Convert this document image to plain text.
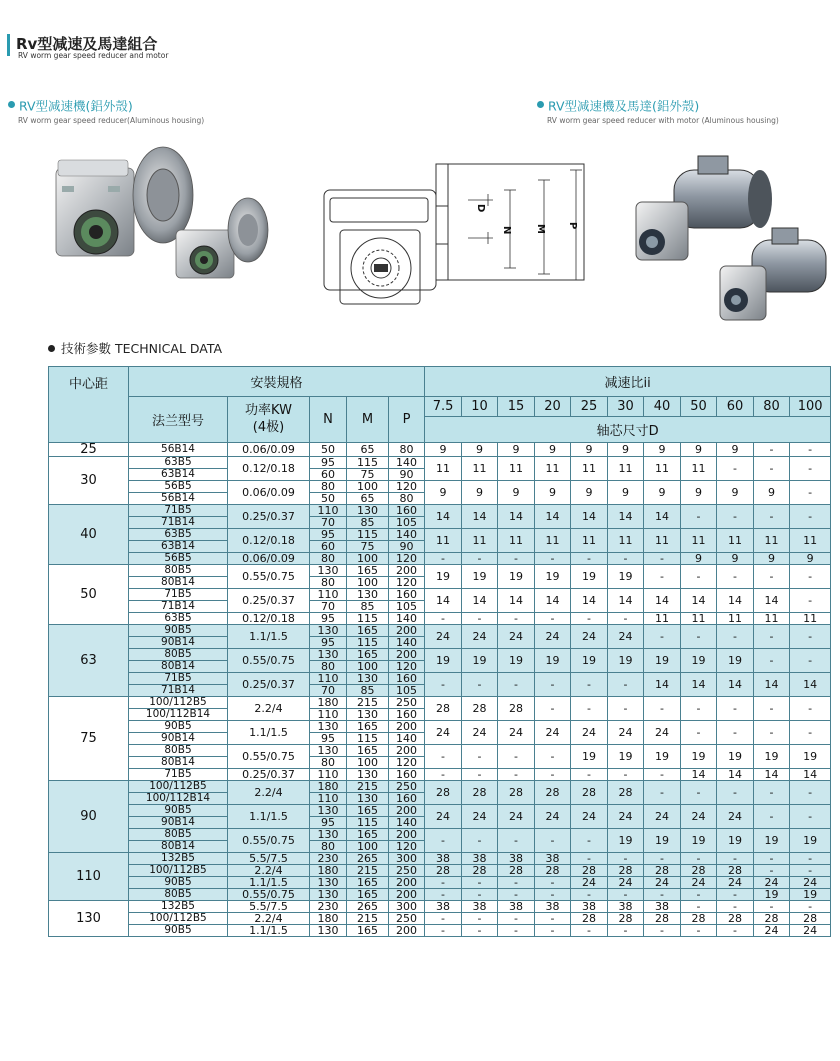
Rv型减速及馬達組合
RV worm gear speed reducer and motor
RV型减速機(鋁外殼)
RV worm gear speed reducer(Aluminous housing)
RV型减速機及馬達(鋁外殼)
RV worm gear speed reducer with motor (Aluminous housing)
D
N M P
技術参數 TECHNICAL DATA
中心距	安裝規格					减速比ii										
	法兰型号	功率KW
(4极)	N	M	P	7.5	10	15	20	25	30	40	50	60	80	100
						轴芯尺寸D										
25	56B14	0.06/0.09	50	65	80	9	9	9	9	9	9	9	9	9	-	-
30	63B5	0.12/0.18	95	115	140	11	11	11	11	11	11	11	11	-	-	-
	63B14		60	75	90											
	56B5	0.06/0.09	80	100	120	9	9	9	9	9	9	9	9	9	9	-
	56B14		50	65	80											
40	71B5	0.25/0.37	110	130	160	14	14	14	14	14	14	14	-	-	-	-
	71B14		70	85	105											
	63B5	0.12/0.18	95	115	140	11	11	11	11	11	11	11	11	11	11	11
	63B14		60	75	90											
	56B5	0.06/0.09	80	100	120	-	-	-	-	-	-	-	9	9	9	9
50	80B5	0.55/0.75	130	165	200	19	19	19	19	19	19	-	-	-	-	-
	80B14		80	100	120											
	71B5	0.25/0.37	110	130	160	14	14	14	14	14	14	14	14	14	14	-
	71B14		70	85	105											
	63B5	0.12/0.18	95	115	140	-	-	-	-	-	-	11	11	11	11	11
63	90B5	1.1/1.5	130	165	200	24	24	24	24	24	24	-	-	-	-	-
	90B14		95	115	140											
	80B5	0.55/0.75	130	165	200	19	19	19	19	19	19	19	19	19	-	-
	80B14		80	100	120											
	71B5	0.25/0.37	110	130	160	-	-	-	-	-	-	14	14	14	14	14
	71B14		70	85	105											
75	100/112B5	2.2/4	180	215	250	28	28	28	-	-	-	-	-	-	-	-
	100/112B14		110	130	160											
	90B5	1.1/1.5	130	165	200	24	24	24	24	24	24	24	-	-	-	-
	90B14		95	115	140											
	80B5	0.55/0.75	130	165	200	-	-	-	-	19	19	19	19	19	19	19
	80B14		80	100	120											
	71B5	0.25/0.37	110	130	160	-	-	-	-	-	-	-	14	14	14	14
90	100/112B5	2.2/4	180	215	250	28	28	28	28	28	28	-	-	-	-	-
	100/112B14		110	130	160											
	90B5	1.1/1.5	130	165	200	24	24	24	24	24	24	24	24	24	-	-
	90B14		95	115	140											
	80B5	0.55/0.75	130	165	200	-	-	-	-	-	19	19	19	19	19	19
	80B14		80	100	120											
110	132B5	5.5/7.5	230	265	300	38	38	38	38	-	-	-	-	-	-	-
	100/112B5	2.2/4	180	215	250	28	28	28	28	28	28	28	28	28	-	-
	90B5	1.1/1.5	130	165	200	-	-	-	-	24	24	24	24	24	24	24
	80B5	0.55/0.75	130	165	200	-	-	-	-	-	-	-	-	-	19	19
130	132B5	5.5/7.5	230	265	300	38	38	38	38	38	38	38	-	-	-	-
	100/112B5	2.2/4	180	215	250	-	-	-	-	28	28	28	28	28	28	28
	90B5	1.1/1.5	130	165	200	-	-	-	-	-	-	-	-	-	24	24
